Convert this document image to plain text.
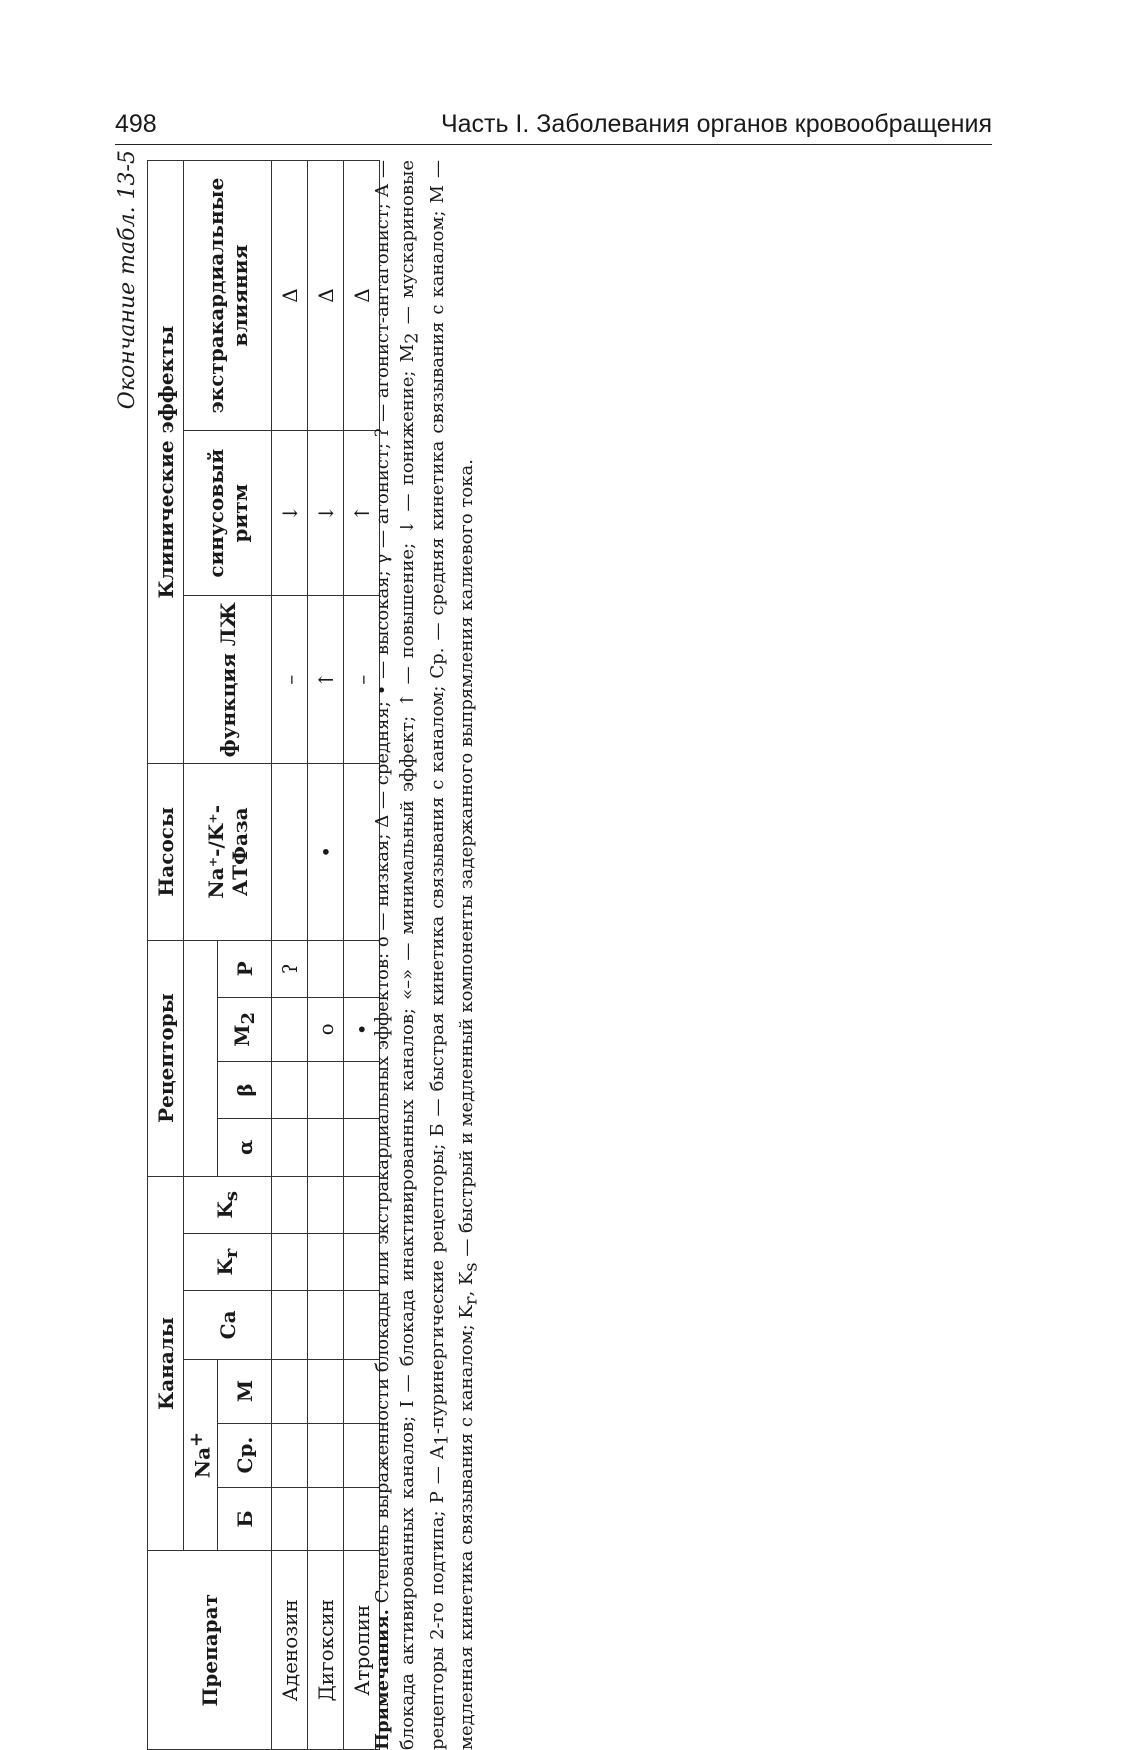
498	Часть I. Заболевания органов кровообращения
Окончание табл. 13-5
Препарат	Каналы						Рецепторы				Насосы	Клинические эффекты		
	Na+			Ca	$K_r$	$K_s$					Na⁺-/K⁺-АТФаза	функция ЛЖ	синусовый ритм	экстракардиальные влияния
	Б	Ср.	М				α	β	$M_2$	P				
Аденозин										ʔ		–	↓	Δ
Дигоксин									o		•	↑	↓	Δ
Атропин									•			–	↑	Δ
Примечания. Степень выраженности блокады или экстракардиальных эффектов: о — низкая; Δ — средняя; • — высокая; γ — агонист; ʔ — агонист-антагонист; А — блокада активированных каналов; I — блокада инактивированных каналов; «–» — минимальный эффект; ↑ — повышение; ↓ — понижение; $M_2$ — мускариновые рецепторы 2-го подтипа; Р — $А_1$-пуринергические рецепторы; Б — быстрая кинетика связывания с каналом; Ср. — средняя кинетика связывания с каналом; М — медленная кинетика связывания с каналом; $K_r$, $K_s$ — быстрый и медленный компоненты задержанного выпрямления калиевого тока.
